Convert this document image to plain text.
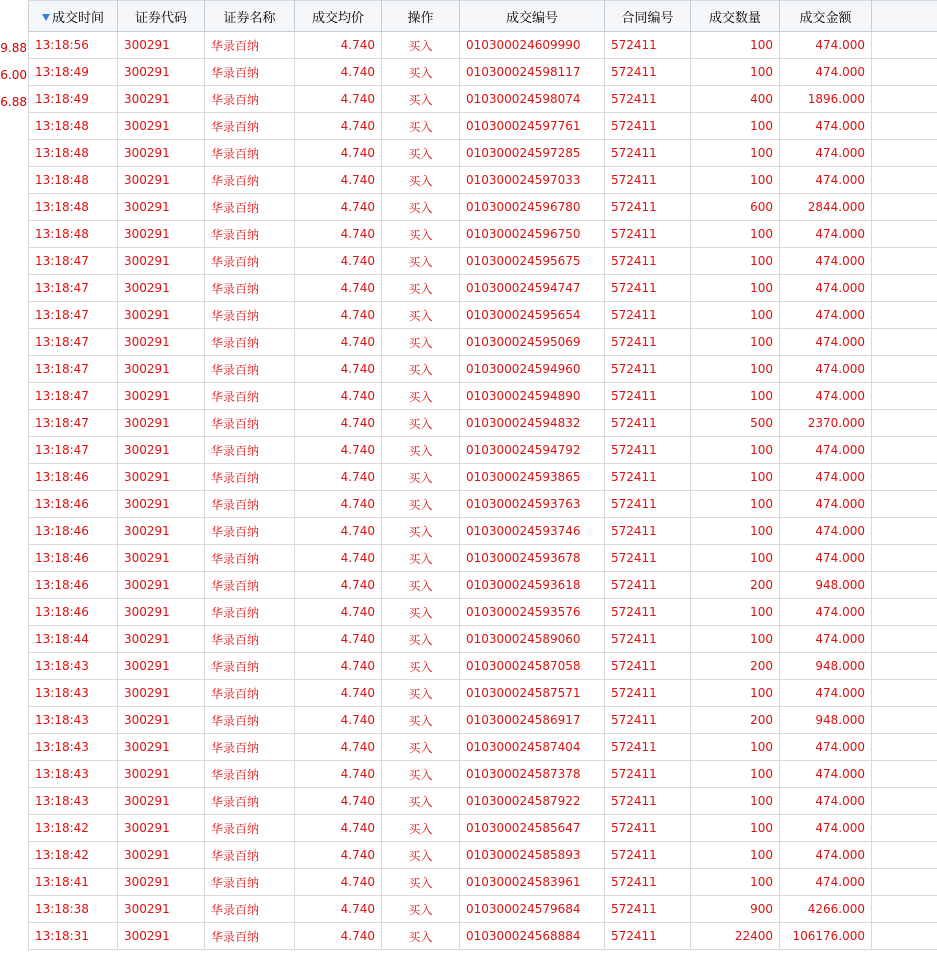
9.88
6.00
6.88
成交时间	证券代码	证券名称	成交均价	操作	成交编号	合同编号	成交数量	成交金额	
13:18:56	300291	华录百纳	4.740	买入	010300024609990	572411	100	474.000	
13:18:49	300291	华录百纳	4.740	买入	010300024598117	572411	100	474.000	
13:18:49	300291	华录百纳	4.740	买入	010300024598074	572411	400	1896.000	
13:18:48	300291	华录百纳	4.740	买入	010300024597761	572411	100	474.000	
13:18:48	300291	华录百纳	4.740	买入	010300024597285	572411	100	474.000	
13:18:48	300291	华录百纳	4.740	买入	010300024597033	572411	100	474.000	
13:18:48	300291	华录百纳	4.740	买入	010300024596780	572411	600	2844.000	
13:18:48	300291	华录百纳	4.740	买入	010300024596750	572411	100	474.000	
13:18:47	300291	华录百纳	4.740	买入	010300024595675	572411	100	474.000	
13:18:47	300291	华录百纳	4.740	买入	010300024594747	572411	100	474.000	
13:18:47	300291	华录百纳	4.740	买入	010300024595654	572411	100	474.000	
13:18:47	300291	华录百纳	4.740	买入	010300024595069	572411	100	474.000	
13:18:47	300291	华录百纳	4.740	买入	010300024594960	572411	100	474.000	
13:18:47	300291	华录百纳	4.740	买入	010300024594890	572411	100	474.000	
13:18:47	300291	华录百纳	4.740	买入	010300024594832	572411	500	2370.000	
13:18:47	300291	华录百纳	4.740	买入	010300024594792	572411	100	474.000	
13:18:46	300291	华录百纳	4.740	买入	010300024593865	572411	100	474.000	
13:18:46	300291	华录百纳	4.740	买入	010300024593763	572411	100	474.000	
13:18:46	300291	华录百纳	4.740	买入	010300024593746	572411	100	474.000	
13:18:46	300291	华录百纳	4.740	买入	010300024593678	572411	100	474.000	
13:18:46	300291	华录百纳	4.740	买入	010300024593618	572411	200	948.000	
13:18:46	300291	华录百纳	4.740	买入	010300024593576	572411	100	474.000	
13:18:44	300291	华录百纳	4.740	买入	010300024589060	572411	100	474.000	
13:18:43	300291	华录百纳	4.740	买入	010300024587058	572411	200	948.000	
13:18:43	300291	华录百纳	4.740	买入	010300024587571	572411	100	474.000	
13:18:43	300291	华录百纳	4.740	买入	010300024586917	572411	200	948.000	
13:18:43	300291	华录百纳	4.740	买入	010300024587404	572411	100	474.000	
13:18:43	300291	华录百纳	4.740	买入	010300024587378	572411	100	474.000	
13:18:43	300291	华录百纳	4.740	买入	010300024587922	572411	100	474.000	
13:18:42	300291	华录百纳	4.740	买入	010300024585647	572411	100	474.000	
13:18:42	300291	华录百纳	4.740	买入	010300024585893	572411	100	474.000	
13:18:41	300291	华录百纳	4.740	买入	010300024583961	572411	100	474.000	
13:18:38	300291	华录百纳	4.740	买入	010300024579684	572411	900	4266.000	
13:18:31	300291	华录百纳	4.740	买入	010300024568884	572411	22400	106176.000	
